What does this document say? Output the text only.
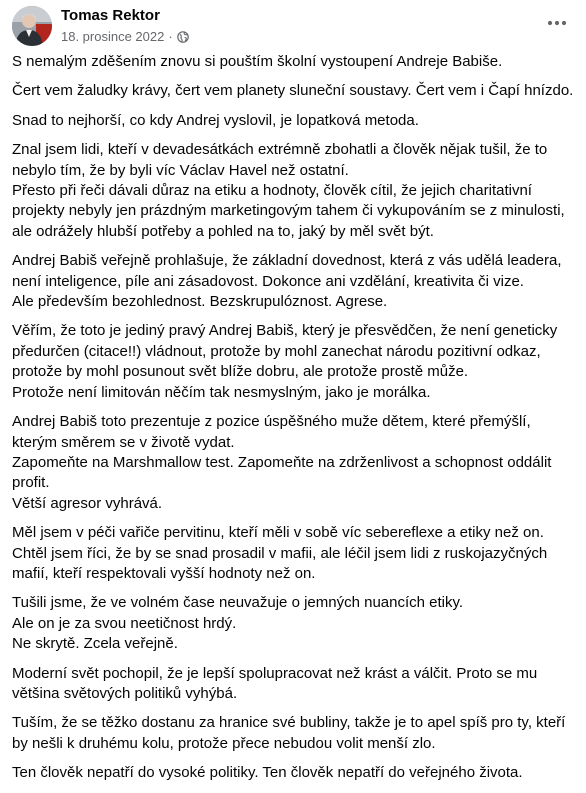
Tomas Rektor
18. prosince 2022 ·

S nemalým zděšením znovu si pouštím školní vystoupení Andreje Babiše.

Čert vem žaludky krávy, čert vem planety sluneční soustavy. Čert vem i Čapí hnízdo.

Snad to nejhorší, co kdy Andrej vyslovil, je lopatková metoda.

Znal jsem lidi, kteří v devadesátkách extrémně zbohatli a člověk nějak tušil, že to
nebylo tím, že by byli víc Václav Havel než ostatní.
Přesto při řeči dávali důraz na etiku a hodnoty, člověk cítil, že jejich charitativní
projekty nebyly jen prázdným marketingovým tahem či vykupováním se z minulosti,
ale odrážely hlubší potřeby a pohled na to, jaký by měl svět být.

Andrej Babiš veřejně prohlašuje, že základní dovednost, která z vás udělá leadera,
není inteligence, píle ani zásadovost. Dokonce ani vzdělání, kreativita či vize.
Ale především bezohlednost. Bezskrupulóznost. Agrese.

Věřím, že toto je jediný pravý Andrej Babiš, který je přesvědčen, že není geneticky
předurčen (citace!!) vládnout, protože by mohl zanechat národu pozitivní odkaz,
protože by mohl posunout svět blíže dobru, ale protože prostě může.
Protože není limitován něčím tak nesmyslným, jako je morálka.

Andrej Babiš toto prezentuje z pozice úspěšného muže dětem, které přemýšlí,
kterým směrem se v životě vydat.
Zapomeňte na Marshmallow test. Zapomeňte na zdrženlivost a schopnost oddálit
profit.
Větší agresor vyhrává.

Měl jsem v péči vařiče pervitinu, kteří měli v sobě víc sebereflexe a etiky než on.
Chtěl jsem říci, že by se snad prosadil v mafii, ale léčil jsem lidi z ruskojazyčných
mafií, kteří respektovali vyšší hodnoty než on.

Tušili jsme, že ve volném čase neuvažuje o jemných nuancích etiky.
Ale on je za svou neetičnost hrdý.
Ne skrytě. Zcela veřejně.

Moderní svět pochopil, že je lepší spolupracovat než krást a válčit. Proto se mu
většina světových politiků vyhýbá.

Tuším, že se těžko dostanu za hranice své bubliny, takže je to apel spíš pro ty, kteří
by nešli k druhému kolu, protože přece nebudou volit menší zlo.

Ten člověk nepatří do vysoké politiky. Ten člověk nepatří do veřejného života.
